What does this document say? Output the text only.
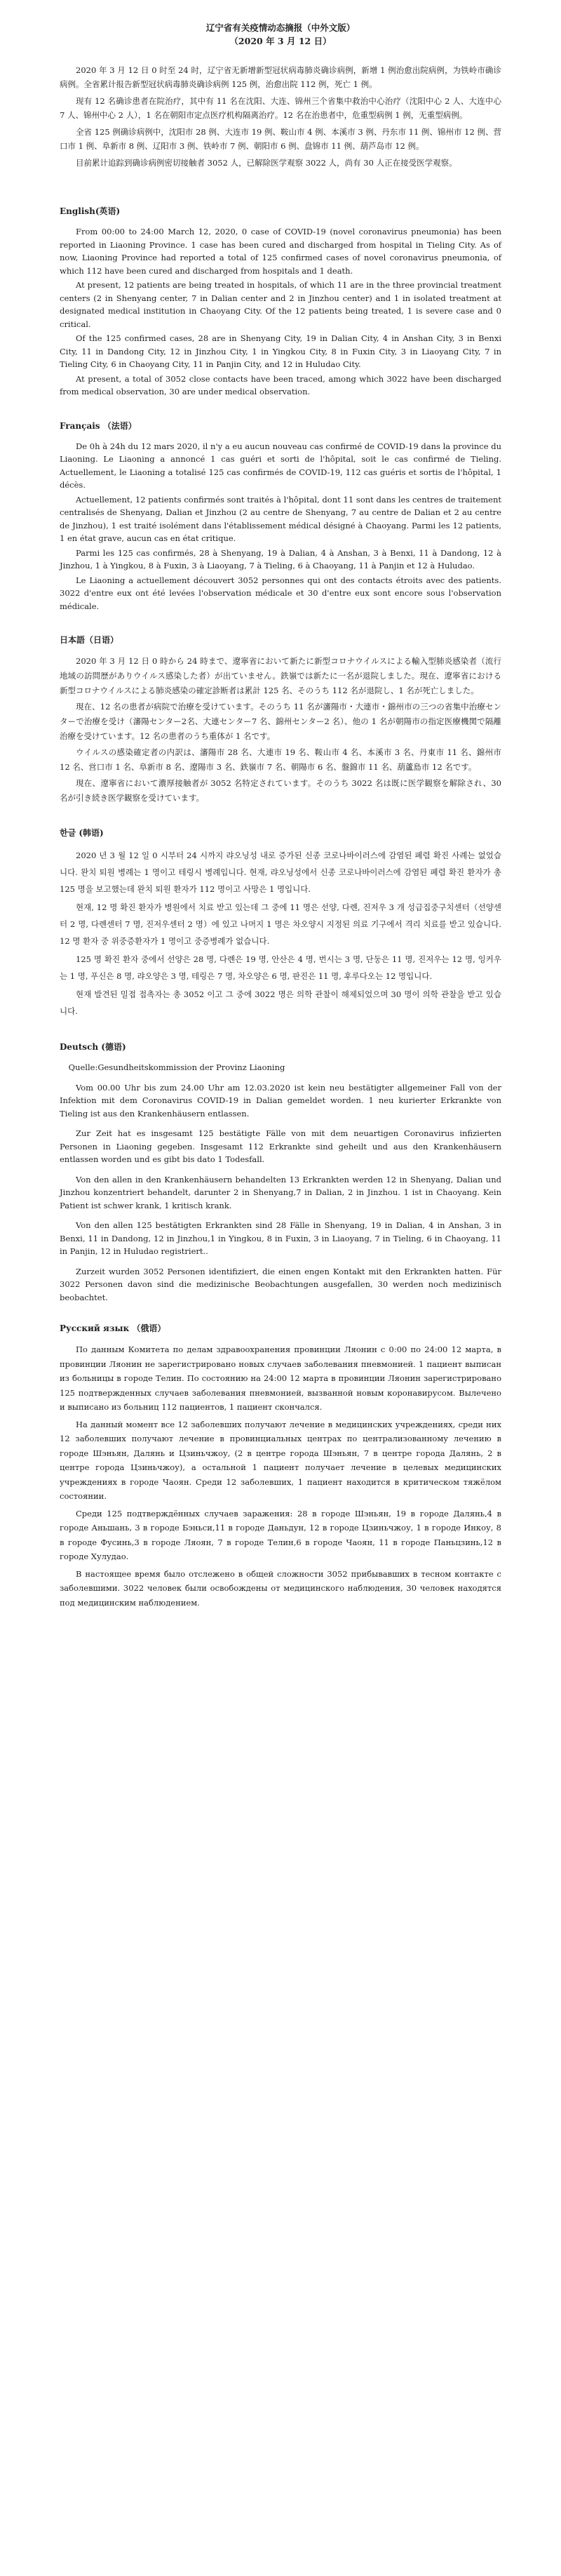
辽宁省有关疫情动态摘报（中外文版）

（2020 年 3 月 12 日）

2020 年 3 月 12 日 0 时至 24 时，辽宁省无新增新型冠状病毒肺炎确诊病例，新增 1 例治愈出院病例，为铁岭市确诊病例。全省累计报告新型冠状病毒肺炎确诊病例 125 例，治愈出院 112 例，死亡 1 例。

现有 12 名确诊患者在院治疗，其中有 11 名在沈阳、大连、锦州三个省集中救治中心治疗（沈阳中心 2 人、大连中心 7 人、锦州中心 2 人），1 名在朝阳市定点医疗机构隔离治疗。12 名在治患者中，危重型病例 1 例，无重型病例。

全省 125 例确诊病例中，沈阳市 28 例、大连市 19 例、鞍山市 4 例、本溪市 3 例、丹东市 11 例、锦州市 12 例、营口市 1 例、阜新市 8 例、辽阳市 3 例、铁岭市 7 例、朝阳市 6 例、盘锦市 11 例、葫芦岛市 12 例。

目前累计追踪到确诊病例密切接触者 3052 人，已解除医学观察 3022 人，尚有 30 人正在接受医学观察。

English(英语)

From 00:00 to 24:00 March 12, 2020, 0 case of COVID-19 (novel coronavirus pneumonia) has been reported in Liaoning Province. 1 case has been cured and discharged from hospital in Tieling City. As of now, Liaoning Province had reported a total of 125 confirmed cases of novel coronavirus pneumonia, of which 112 have been cured and discharged from hospitals and 1 death.

At present, 12 patients are being treated in hospitals, of which 11 are in the three provincial treatment centers (2 in Shenyang center, 7 in Dalian center and 2 in Jinzhou center) and 1 in isolated treatment at designated medical institution in Chaoyang City. Of the 12 patients being treated, 1 is severe case and 0 critical.

Of the 125 confirmed cases, 28 are in Shenyang City, 19 in Dalian City, 4 in Anshan City, 3 in Benxi City, 11 in Dandong City, 12 in Jinzhou City, 1 in Yingkou City, 8 in Fuxin City, 3 in Liaoyang City, 7 in Tieling City, 6 in Chaoyang City, 11 in Panjin City, and 12 in Huludao City.

At present, a total of 3052 close contacts have been traced, among which 3022 have been discharged from medical observation, 30 are under medical observation.

Français （法语）

De 0h à 24h du 12 mars 2020, il n'y a eu aucun nouveau cas confirmé de COVID-19 dans la province du Liaoning. Le Liaoning a annoncé 1 cas guéri et sorti de l'hôpital, soit le cas confirmé de Tieling. Actuellement, le Liaoning a totalisé 125 cas confirmés de COVID-19, 112 cas guéris et sortis de l'hôpital, 1 décès.

Actuellement, 12 patients confirmés sont traités à l'hôpital, dont 11 sont dans les centres de traitement centralisés de Shenyang, Dalian et Jinzhou (2 au centre de Shenyang, 7 au centre de Dalian et 2 au centre de Jinzhou), 1 est traité isolément dans l'établissement médical désigné à Chaoyang. Parmi les 12 patients, 1 en état grave, aucun cas en état critique.

Parmi les 125 cas confirmés, 28 à Shenyang, 19 à Dalian, 4 à Anshan, 3 à Benxi, 11 à Dandong, 12 à Jinzhou, 1 à Yingkou, 8 à Fuxin, 3 à Liaoyang, 7 à Tieling, 6 à Chaoyang, 11 à Panjin et 12 à Huludao.

Le Liaoning a actuellement découvert 3052 personnes qui ont des contacts étroits avec des patients. 3022 d'entre eux ont été levées l'observation médicale et 30 d'entre eux sont encore sous l'observation médicale.

日本語（日语）

2020 年 3 月 12 日 0 時から 24 時まで、遼寧省において新たに新型コロナウイルスによる輸入型肺炎感染者（流行地域の訪問歴がありウイルス感染した者）が出ていません。鉄嶺では新たに一名が退院しました。現在、遼寧省における新型コロナウイルスによる肺炎感染の確定診断者は累計 125 名、そのうち 112 名が退院し、1 名が死亡しました。

現在、12 名の患者が病院で治療を受けています。そのうち 11 名が瀋陽市・大連市・錦州市の三つの省集中治療センターで治療を受け（瀋陽センター2名、大連センター7 名、錦州センター2 名）、他の 1 名が朝陽市の指定医療機関で隔離治療を受けています。12 名の患者のうち重体が 1 名です。

ウイルスの感染確定者の内訳は、瀋陽市 28 名、大連市 19 名、鞍山市 4 名、本溪市 3 名、丹東市 11 名、錦州市 12 名、営口市 1 名、阜新市 8 名、遼陽市 3 名、鉄嶺市 7 名、朝陽市 6 名、盤錦市 11 名、葫蘆島市 12 名です。

現在、遼寧省において濃厚接触者が 3052 名特定されています。そのうち 3022 名は既に医学観察を解除され、30 名が引き続き医学観察を受けています。

한글 (韩语)

2020 년 3 월 12 일 0 시부터 24 시까지 랴오닝성 내로 증가된 신종 코로나바이러스에 감염된 폐렴 확진 사례는 없었습니다. 완치 퇴원 병례는 1 명이고 테링시 병례입니다. 현재, 랴오닝성에서 신종 코로나바이러스에 감염된 폐렴 확진 환자가 총 125 명을 보고했는데 완치 퇴원 환자가 112 명이고 사망은 1 명입니다.

현재, 12 명 확진 환자가 병원에서 치료 받고 있는데 그 중에 11 명은 선양, 다롄, 진저우 3 개 성급집중구치센터（선양센터 2 명, 다롄센터 7 명, 진저우센터 2 명）에 있고 나머지 1 명은 차오양시 지정된 의료 기구에서 격리 치료를 받고 있습니다. 12 명 환자 중 위중증환자가 1 명이고 중증병례가 없습니다.

125 명 확진 환자 중에서 선양은 28 명, 다롄은 19 명, 안산은 4 명, 번시는 3 명, 단둥은 11 명, 진저우는 12 명, 잉커우는 1 명, 푸신은 8 명, 랴오양은 3 명, 테링은 7 명, 차오양은 6 명, 판진은 11 명, 후루다오는 12 명입니다.

현재 발견된 밀접 접촉자는 총 3052 이고 그 중에 3022 명은 의학 관찰이 해제되었으며 30 명이 의학 관찰을 받고 있습니다.

Deutsch (德语)

Quelle:Gesundheitskommission der Provinz Liaoning

Vom 00.00 Uhr bis zum 24.00 Uhr am 12.03.2020 ist kein neu bestätigter allgemeiner Fall von der Infektion mit dem Coronavirus COVID-19 in Dalian gemeldet worden. 1 neu kurierter Erkrankte von Tieling ist aus den Krankenhäusern entlassen.

Zur Zeit hat es insgesamt 125 bestätigte Fälle von mit dem neuartigen Coronavirus infizierten Personen in Liaoning gegeben. Insgesamt 112 Erkrankte sind geheilt und aus den Krankenhäusern entlassen worden und es gibt bis dato 1 Todesfall.

Von den allen in den Krankenhäusern behandelten 13 Erkrankten werden 12 in Shenyang, Dalian und Jinzhou konzentriert behandelt, darunter 2 in Shenyang,7 in Dalian, 2 in Jinzhou. 1 ist in Chaoyang. Kein Patient ist schwer krank, 1 kritisch krank.

Von den allen 125 bestätigten Erkrankten sind 28 Fälle in Shenyang, 19 in Dalian, 4 in Anshan, 3 in Benxi, 11 in Dandong, 12 in Jinzhou,1 in Yingkou, 8 in Fuxin, 3 in Liaoyang, 7 in Tieling, 6 in Chaoyang, 11 in Panjin, 12 in Huludao registriert..

Zurzeit wurden 3052 Personen identifiziert, die einen engen Kontakt mit den Erkrankten hatten. Für 3022 Personen davon sind die medizinische Beobachtungen ausgefallen, 30 werden noch medizinisch beobachtet.

Русский язык （俄语）

По данным Комитета по делам здравоохранения провинции Ляонин с 0:00 по 24:00 12 марта, в провинции Ляонин не зарегистрировано новых случаев заболевания пневмонией. 1 пациент выписан из больницы в городе Телин. По состоянию на 24:00 12 марта в провинции Ляонин зарегистрировано 125 подтвержденных случаев заболевания пневмонией, вызванной новым коронавирусом. Вылечено и выписано из больниц 112 пациентов, 1 пациент скончался.

На данный момент все 12 заболевших получают лечение в медицинских учреждениях, среди них 12 заболевших получают лечение в провинциальных центрах по централизованному лечению в городе Шэньян, Далянь и Цзиньчжоу, (2 в центре города Шэньян, 7 в центре города Далянь, 2 в центре города Цзиньчжоу), а остальной 1 пациент получает лечение в целевых медицинских учреждениях в городе Чаоян. Среди 12 заболевших, 1 пациент находится в критическом тяжёлом состоянии.

Среди 125 подтверждённых случаев заражения: 28 в городе Шэньян, 19 в городе Далянь,4 в городе Аньшань, 3 в городе Бэньси,11 в городе Даньдун, 12 в городе Цзиньчжоу, 1 в городе Инкоу, 8 в городе Фусинь,3 в городе Ляоян, 7 в городе Телин,6 в городе Чаоян, 11 в городе Паньцзинь,12 в городе Хулудао.

В настоящее время было отслежено в общей сложности 3052 прибывавших в тесном контакте с заболевшими. 3022 человек были освобождены от медицинского наблюдения, 30 человек находятся под медицинским наблюдением.
